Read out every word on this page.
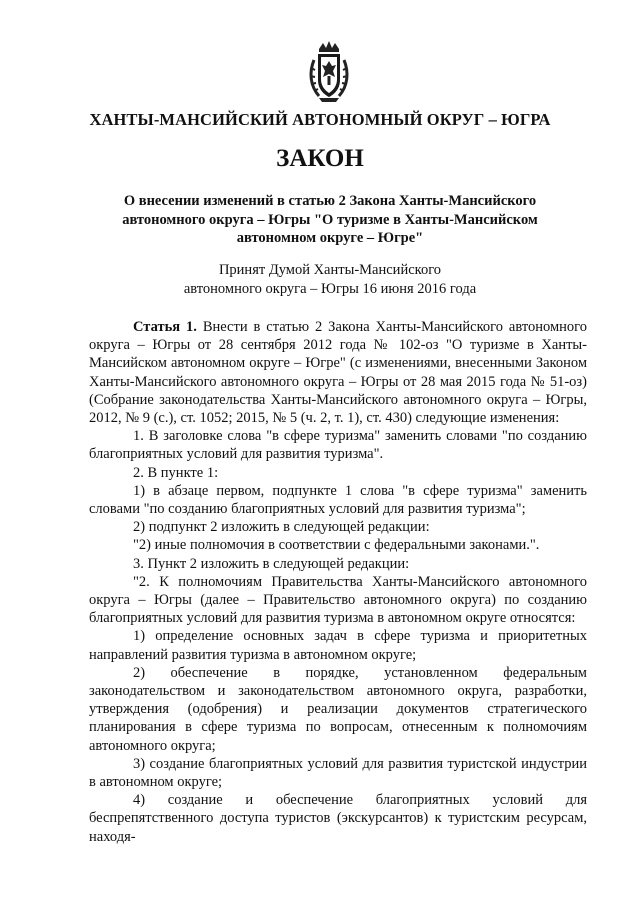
ХАНТЫ-МАНСИЙСКИЙ АВТОНОМНЫЙ ОКРУГ – ЮГРА
ЗАКОН
О внесении изменений в статью 2 Закона Ханты-Мансийского автономного округа – Югры "О туризме в Ханты-Мансийском автономном округе – Югре"
Принят Думой Ханты-Мансийского
автономного округа – Югры 16 июня 2016 года

Статья 1. Внести в статью 2 Закона Ханты-Мансийского автономного округа – Югры от 28 сентября 2012 года № 102-оз "О туризме в Ханты-Мансийском автономном округе – Югре" (с изменениями, внесенными Законом Ханты-Мансийского автономного округа – Югры от 28 мая 2015 года № 51-оз) (Собрание законодательства Ханты-Мансийского автономного округа – Югры, 2012, № 9 (с.), ст. 1052; 2015, № 5 (ч. 2, т. 1), ст. 430) следующие изменения:

1. В заголовке слова "в сфере туризма" заменить словами "по созданию благоприятных условий для развития туризма".

2. В пункте 1:

1) в абзаце первом, подпункте 1 слова "в сфере туризма" заменить словами "по созданию благоприятных условий для развития туризма";

2) подпункт 2 изложить в следующей редакции:

"2) иные полномочия в соответствии с федеральными законами.".

3. Пункт 2 изложить в следующей редакции:

"2. К полномочиям Правительства Ханты-Мансийского автономного округа – Югры (далее – Правительство автономного округа) по созданию благоприятных условий для развития туризма в автономном округе относятся:

1) определение основных задач в сфере туризма и приоритетных направлений развития туризма в автономном округе;

2) обеспечение в порядке, установленном федеральным законодательством и законодательством автономного округа, разработки, утверждения (одобрения) и реализации документов стратегического планирования в сфере туризма по вопросам, отнесенным к полномочиям автономного округа;

3) создание благоприятных условий для развития туристской индустрии в автономном округе;

4) создание и обеспечение благоприятных условий для беспрепятственного доступа туристов (экскурсантов) к туристским ресурсам, находя-
